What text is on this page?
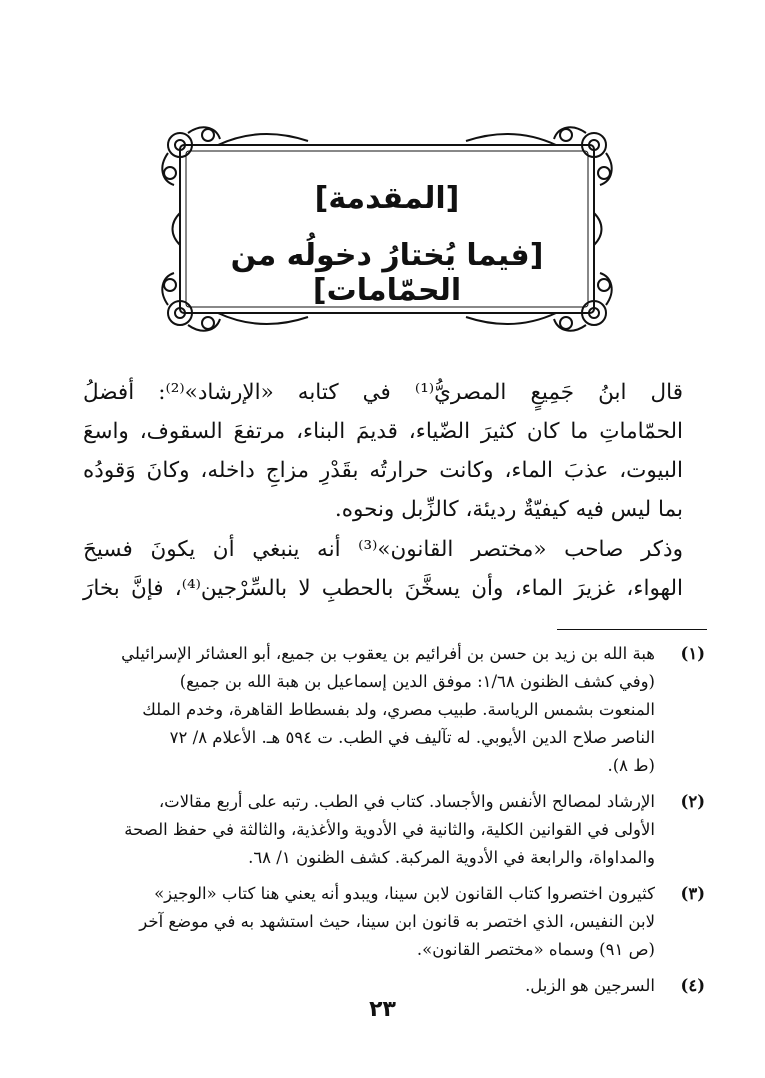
[المقدمة]
[فيما يُختارُ دخولُه من الحمّامات]
قال ابنُ جَمِيعٍ المصريُّ⁽¹⁾ في كتابه «الإرشاد»⁽²⁾: أفضلُ
الحمّاماتِ ما كان كثيرَ الضّياء، قديمَ البناء، مرتفعَ السقوف، واسعَ
البيوت، عذبَ الماء، وكانت حرارتُه بقَدْرِ مزاجِ داخله، وكانَ وَقودُه
بما ليس فيه كيفيّةٌ رديئة، كالزِّبل ونحوه.
وذكر صاحب «مختصر القانون»⁽³⁾ أنه ينبغي أن يكونَ فسيحَ
الهواء، غزيرَ الماء، وأن يسخَّنَ بالحطبِ لا بالسِّرْجين⁽⁴⁾، فإنَّ بخارَ
(١)
هبة الله بن زيد بن حسن بن أفرائيم بن يعقوب بن جميع، أبو العشائر الإسرائيلي
(وفي كشف الظنون ١/٦٨: موفق الدين إسماعيل بن هبة الله بن جميع)
المنعوت بشمس الرياسة. طبيب مصري، ولد بفسطاط القاهرة، وخدم الملك
الناصر صلاح الدين الأيوبي. له تآليف في الطب. ت ٥٩٤ هـ. الأعلام ٨/ ٧٢
(ط ٨).
(٢)
الإرشاد لمصالح الأنفس والأجساد. كتاب في الطب. رتبه على أربع مقالات،
الأولى في القوانين الكلية، والثانية في الأدوية والأغذية، والثالثة في حفظ الصحة
والمداواة، والرابعة في الأدوية المركبة. كشف الظنون ١/ ٦٨.
(٣)
كثيرون اختصروا كتاب القانون لابن سينا، ويبدو أنه يعني هنا كتاب «الوجيز»
لابن النفيس، الذي اختصر به قانون ابن سينا، حيث استشهد به في موضع آخر
(ص ٩١) وسماه «مختصر القانون».
(٤)
السرجين هو الزبل.
٢٣
